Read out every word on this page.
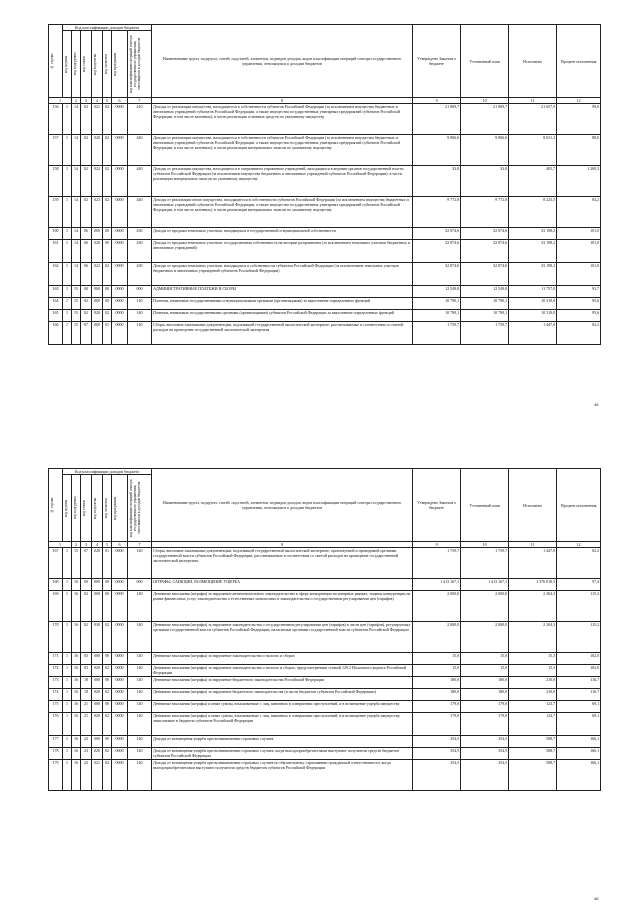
№ строки	Код классификации доходов бюджета							Наименование групп, подгрупп, статей, подстатей, элементов, подвидов доходов, кодов классификации операций сектора государственного управления, относящихся к доходам бюджетов	Утверждено Законом о бюджете	Уточненный план	Исполнено	Процент исполнения

	код группы	код подгруппы	код статьи	код подстатьи	код элемента	код программы	код классификации операций сектора государственного управления, относящихся к доходам бюджетов					

1		2	3	4	5	6	7	8	9	10	11	12
156	1	14	02	021	02	0000	410	Доходы от реализации имущества, находящегося в собственности субъектов Российской Федерации (за исключением имущества бюджетных и автономных учреждений субъектов Российской Федерации, а также имущества государственных унитарных предприятий субъектов Российской Федерации, в том числе казенных), в части реализации основных средств по указанному имуществу	21 869,7	21 869,7	21 657,9	99,0
157	1	14	02	020	02	0000	440	Доходы от реализации имущества, находящегося в собственности субъектов Российской Федерации (за исключением имущества бюджетных и автономных учреждений субъектов Российской Федерации, а также имущества государственных унитарных предприятий субъектов Российской Федерации, в том числе казенных), в части реализации материальных запасов по указанному имуществу	9 806,6	9 806,6	8 631,2	88,0
158	1	14	02	022	02	0000	440	Доходы от реализации имущества, находящегося в оперативном управлении учреждений, находящихся в ведении органов государственной власти субъектов Российской Федерации (за исключением имущества бюджетных и автономных учреждений субъектов Российской Федерации), в части реализации материальных запасов по указанному имуществу	33,8	33,8	405,7	1 200,3
159	1	14	02	023	02	0000	440	Доходы от реализации иного имущества, находящегося в собственности субъектов Российской Федерации (за исключением имущества бюджетных и автономных учреждений субъектов Российской Федерации, а также имущества государственных унитарных предприятий субъектов Российской Федерации, в том числе казенных), в части реализации материальных запасов по указанному имуществу	9 772,8	9 772,8	8 225,5	84,2
160	1	14	06	000	00	0000	430	Доходы от продажи земельных участков, находящихся в государственной и муниципальной собственности	32 874,6	32 874,6	33 198,2	101,0
161	1	14	06	020	00	0000	430	Доходы от продажи земельных участков, государственная собственность на которые разграничена (за исключением земельных участков бюджетных и автономных учреждений)	32 874,6	32 874,6	33 198,2	101,0
162	1	14	06	022	02	0000	430	Доходы от продажи земельных участков, находящихся в собственности субъектов Российской Федерации (за исключением земельных участков бюджетных и автономных учреждений субъектов Российской Федерации)	32 874,6	32 874,6	33 198,2	101,0
163	1	15	00	000	00	0000	000	АДМИНИСТРАТИВНЫЕ ПЛАТЕЖИ И СБОРЫ	12 549,8	12 549,8	11 757,0	93,7
164	1	15	02	000	00	0000	140	Платежи, взимаемые государственными и муниципальными органами (организациями) за выполнение определенных функций	10 790,1	10 790,1	10 310,0	95,6
165	1	15	02	020	02	0000	140	Платежи, взимаемые государственными органами (организациями) субъектов Российской Федерации за выполнение определенных функций	10 790,1	10 790,1	10 310,0	95,6
166	1	15	07	000	01	0000	140	Сборы, вносимые заказчиками документации, подлежащей государственной экологической экспертизе, рассчитываемые в соответствии со сметой расходов на проведение государственной экологической экспертизы	1 759,7	1 759,7	1 447,0	82,2
45
№ строки	Код классификации доходов бюджета							Наименование групп, подгрупп, статей, подстатей, элементов, подвидов доходов, кодов классификации операций сектора государственного управления, относящихся к доходам бюджетов	Утверждено Законом о бюджете	Уточненный план	Исполнено	Процент исполнения

	код группы	код подгруппы	код статьи	код подстатьи	код элемента	код программы	код классификации операций сектора государственного управления, относящихся к доходам бюджетов					

1		2	3	4	5	6	7	8	9	10	11	12
167	1	15	07	020	01	0000	140	Сборы, вносимые заказчиками документации, подлежащей государственной экологической экспертизе, организуемой и проводимой органами государственной власти субъектов Российской Федерации, рассчитываемые в соответствии со сметой расходов на проведение государственной экологической экспертизы	1 759,7	1 759,7	1 447,0	82,2
168	1	16	00	000	00	0000	000	ШТРАФЫ, САНКЦИИ, ВОЗМЕЩЕНИЕ УЩЕРБА	1 413 167,1	1 413 167,1	1 376 018,3	97,4
169	1	16	02	000	00	0000	140	Денежные взыскания (штрафы) за нарушение антимонопольного законодательства в сфере конкуренции на товарных рынках, защиты конкуренции на рынке финансовых услуг, законодательства о естественных монополиях и законодательства о государственном регулировании цен (тарифов)	2 000,0	2 000,0	2 304,3	115,2
170	1	16	02	030	02	0000	140	Денежные взыскания (штрафы) за нарушение законодательства о государственном регулировании цен (тарифов) в части цен (тарифов), регулируемых органами государственной власти субъектов Российской Федерации, налагаемые органами государственной власти субъектов Российской Федерации	2 000,0	2 000,0	2 304,3	115,2
171	1	16	03	000	00	0000	140	Денежные взыскания (штрафы) за нарушение законодательства о налогах и сборах	15,0	15,0	15,3	102,0
172	1	16	03	020	02	0000	140	Денежные взыскания (штрафы) за нарушение законодательства о налогах и сборах, предусмотренные статьей 129.2 Налогового кодекса Российской Федерации	15,0	15,0	15,3	102,0
173	1	16	18	000	00	0000	140	Денежные взыскания (штрафы) за нарушение бюджетного законодательства Российской Федерации	180,0	180,0	210,0	116,7
174	1	16	18	020	02	0000	140	Денежные взыскания (штрафы) за нарушение бюджетного законодательства (в части бюджетов субъектов Российской Федерации)	180,0	180,0	210,0	116,7
175	1	16	21	000	00	0000	140	Денежные взыскания (штрафы) и иные суммы, взыскиваемые с лиц, виновных в совершении преступлений, и в возмещение ущерба имуществу	179,0	179,0	123,7	69,1
176	1	16	21	020	02	0000	140	Денежные взыскания (штрафы) и иные суммы, взыскиваемые с лиц, виновных в совершении преступлений, и в возмещение ущерба имуществу, зачисляемые в бюджеты субъектов Российской Федерации	179,0	179,0	123,7	69,1
177	1	16	23	000	00	0000	140	Доходы от возмещения ущерба при возникновении страховых случаев	354,5	354,5	588,7	166,1
178	1	16	23	020	02	0000	140	Доходы от возмещения ущерба при возникновении страховых случаев, когда выгодоприобретателями выступают получатели средств бюджетов субъектов Российской Федерации	354,5	354,5	588,7	166,1
179	1	16	23	021	02	0000	140	Доходы от возмещения ущерба при возникновении страховых случаев по обязательному страхованию гражданской ответственности, когда выгодоприобретателями выступают получатели средств бюджетов субъектов Российской Федерации	354,5	354,5	588,7	166,1
46
